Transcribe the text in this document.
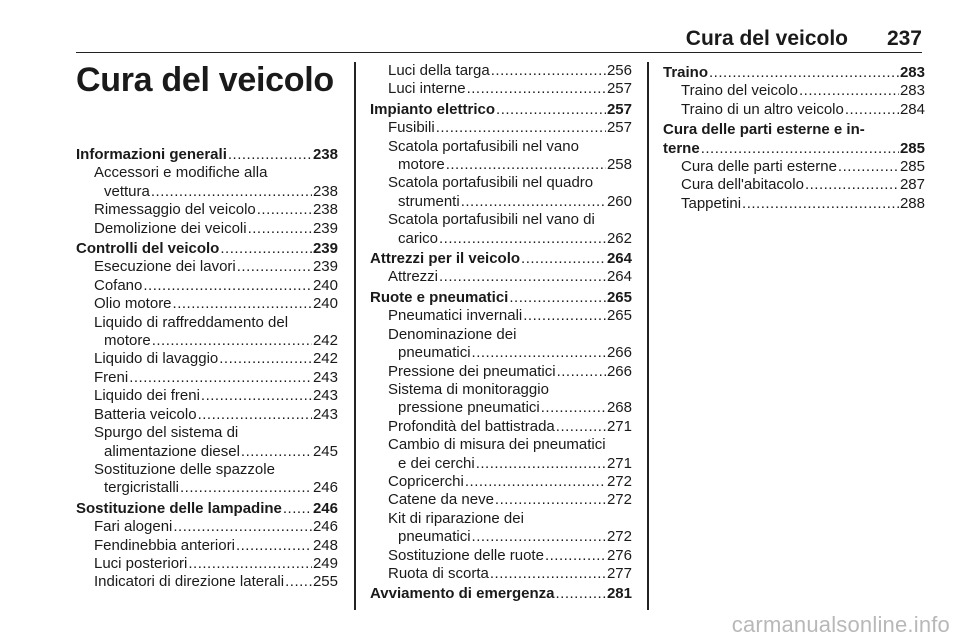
Cura del veicolo 237
Cura del veicolo
Informazioni generali .....	238
Accessori e modifiche alla
vettura .....	238
Rimessaggio del veicolo .....	238
Demolizione dei veicoli .....	239
Controlli del veicolo .....	239
Esecuzione dei lavori .....	239
Cofano .....	240
Olio motore .....	240
Liquido di raffreddamento del
motore .....	242
Liquido di lavaggio .....	242
Freni .....	243
Liquido dei freni .....	243
Batteria veicolo .....	243
Spurgo del sistema di
alimentazione diesel .....	245
Sostituzione delle spazzole
tergicristalli .....	246
Sostituzione delle lampadine ..... 246
Fari alogeni .....	246
Fendinebbia anteriori .....	248
Luci posteriori .....	249
Indicatori di direzione laterali ..... 255
Luci della targa .....	256
Luci interne .....	257
Impianto elettrico .....	257
Fusibili .....	257
Scatola portafusibili nel vano
motore .....	258
Scatola portafusibili nel quadro
strumenti .....	260
Scatola portafusibili nel vano di
carico .....	262
Attrezzi per il veicolo .....	264
Attrezzi .....	264
Ruote e pneumatici .....	265
Pneumatici invernali .....	265
Denominazione dei
pneumatici .....	266
Pressione dei pneumatici .....	266
Sistema di monitoraggio
pressione pneumatici .....	268
Profondità del battistrada .....	271
Cambio di misura dei pneumatici
e dei cerchi .....	271
Copricerchi .....	272
Catene da neve .....	272
Kit di riparazione dei
pneumatici .....	272
Sostituzione delle ruote .....	276
Ruota di scorta .....	277
Avviamento di emergenza .....	281
Traino .....	283
Traino del veicolo .....	283
Traino di un altro veicolo .....	284
Cura delle parti esterne e in-
terne .....	285
Cura delle parti esterne .....	285
Cura dell'abitacolo .....	287
Tappetini .....	288
carmanualsonline.info
